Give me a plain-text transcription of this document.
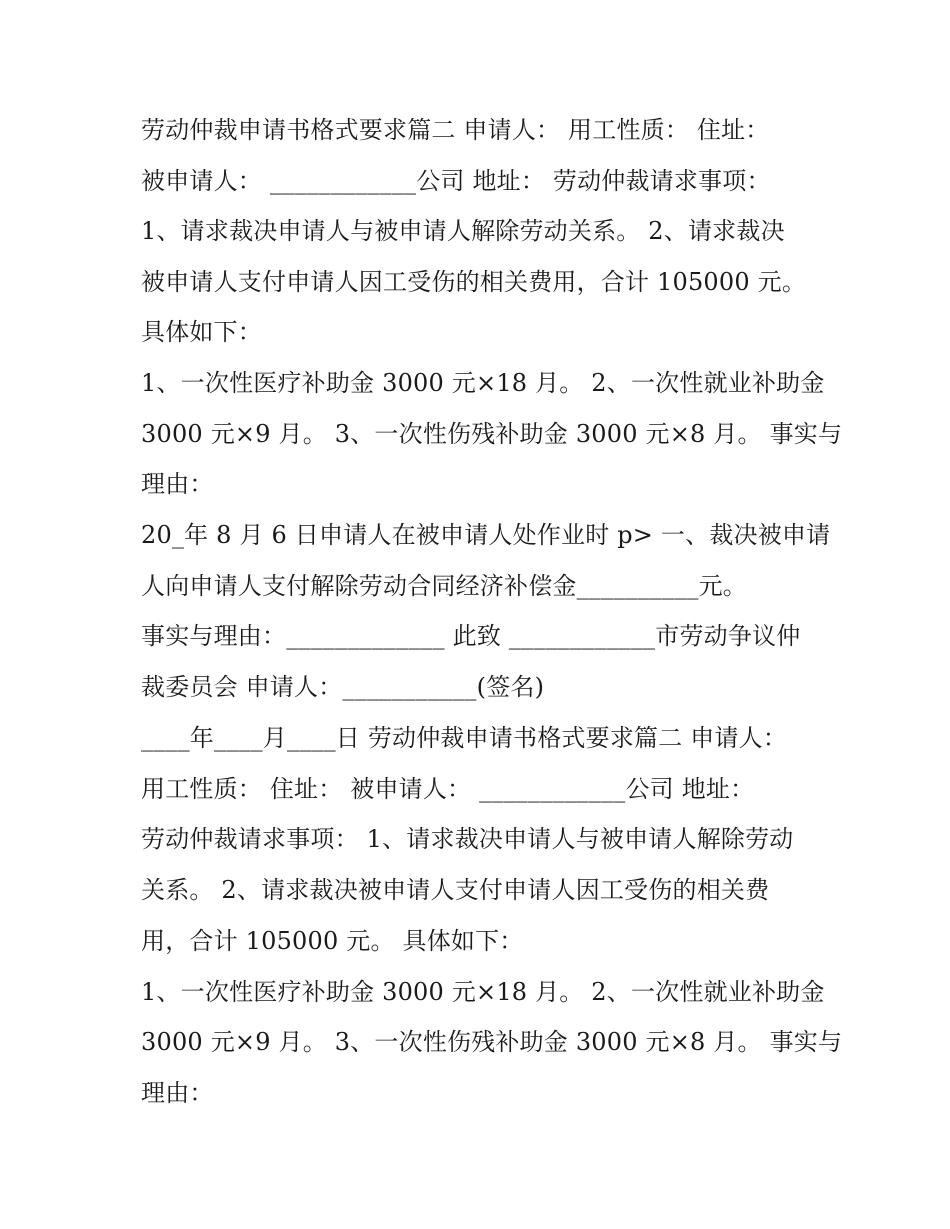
劳动仲裁申请书格式要求篇二 申请人： 用工性质： 住址：

被申请人： ____________公司 地址： 劳动仲裁请求事项：

1、请求裁决申请人与被申请人解除劳动关系。 2、请求裁决

被申请人支付申请人因工受伤的相关费用，合计 105000 元。

具体如下：

1、一次性医疗补助金 3000 元×18 月。 2、一次性就业补助金

3000 元×9 月。 3、一次性伤残补助金 3000 元×8 月。 事实与

理由：

20_年 8 月 6 日申请人在被申请人处作业时 p> 一、裁决被申请

人向申请人支付解除劳动合同经济补偿金__________元。

事实与理由：_____________ 此致 ____________市劳动争议仲

裁委员会 申请人：___________(签名)

____年____月____日 劳动仲裁申请书格式要求篇二 申请人：

用工性质： 住址： 被申请人： ____________公司 地址：

劳动仲裁请求事项： 1、请求裁决申请人与被申请人解除劳动

关系。 2、请求裁决被申请人支付申请人因工受伤的相关费

用，合计 105000 元。 具体如下：

1、一次性医疗补助金 3000 元×18 月。 2、一次性就业补助金

3000 元×9 月。 3、一次性伤残补助金 3000 元×8 月。 事实与

理由：
